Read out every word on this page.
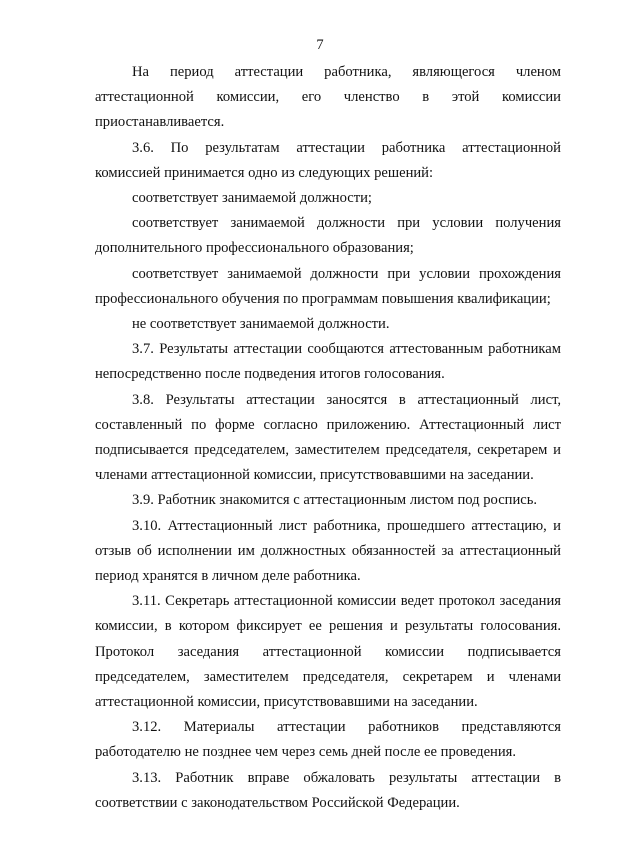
7
На период аттестации работника, являющегося членом
аттестационной комиссии, его членство в этой комиссии
приостанавливается.
3.6. По результатам аттестации работника аттестационной
комиссией принимается одно из следующих решений:
соответствует занимаемой должности;
соответствует занимаемой должности при условии получения
дополнительного профессионального образования;
соответствует занимаемой должности при условии прохождения
профессионального обучения по программам повышения квалификации;
не соответствует занимаемой должности.
3.7. Результаты аттестации сообщаются аттестованным работникам
непосредственно после подведения итогов голосования.
3.8. Результаты аттестации заносятся в аттестационный лист,
составленный по форме согласно приложению. Аттестационный лист
подписывается председателем, заместителем председателя, секретарем и
членами аттестационной комиссии, присутствовавшими на заседании.
3.9. Работник знакомится с аттестационным листом под роспись.
3.10. Аттестационный лист работника, прошедшего аттестацию, и
отзыв об исполнении им должностных обязанностей за аттестационный
период хранятся в личном деле работника.
3.11. Секретарь аттестационной комиссии ведет протокол заседания
комиссии, в котором фиксирует ее решения и результаты голосования.
Протокол заседания аттестационной комиссии подписывается
председателем, заместителем председателя, секретарем и членами
аттестационной комиссии, присутствовавшими на заседании.
3.12. Материалы аттестации работников представляются
работодателю не позднее чем через семь дней после ее проведения.
3.13. Работник вправе обжаловать результаты аттестации в
соответствии с законодательством Российской Федерации.
